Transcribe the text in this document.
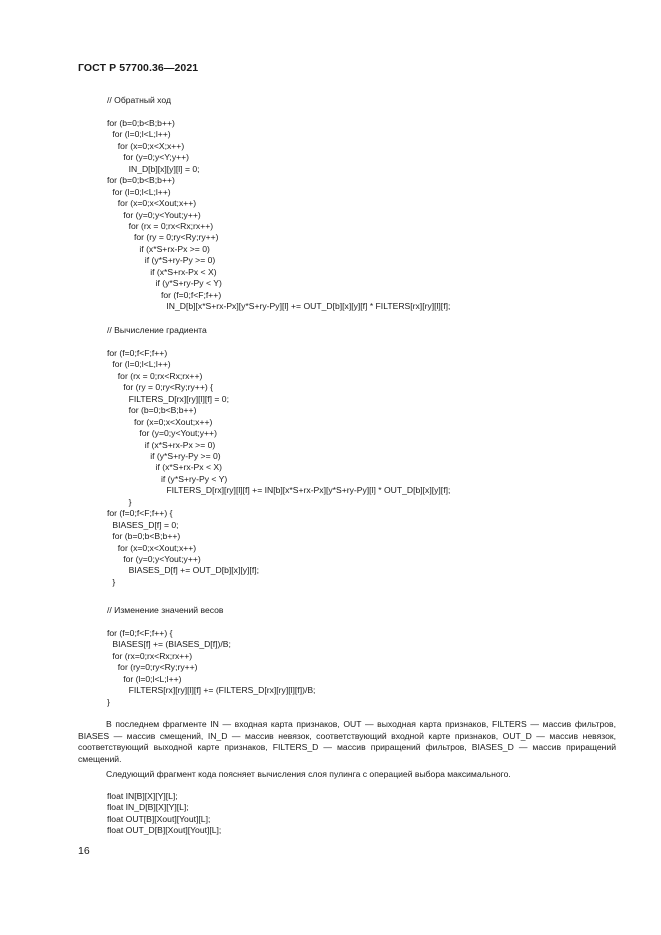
ГОСТ Р 57700.36—2021
// Обратный ход
for (b=0;b<B;b++)
for (l=0;l<L;l++)
for (x=0;x<X;x++)
for (y=0;y<Y;y++)
IN_D[b][x][y][l] = 0;
for (b=0;b<B;b++)
for (l=0;l<L;l++)
for (x=0;x<Xout;x++)
for (y=0;y<Yout;y++)
for (rx = 0;rx<Rx;rx++)
for (ry = 0;ry<Ry;ry++)
if (x*S+rx-Px >= 0)
if (y*S+ry-Py >= 0)
if (x*S+rx-Px < X)
if (y*S+ry-Py < Y)
for (f=0;f<F;f++)
IN_D[b][x*S+rx-Px][y*S+ry-Py][l] += OUT_D[b][x][y][f] * FILTERS[rx][ry][l][f];
// Вычисление градиента
for (f=0;f<F;f++)
for (l=0;l<L;l++)
for (rx = 0;rx<Rx;rx++)
for (ry = 0;ry<Ry;ry++) {
FILTERS_D[rx][ry][l][f] = 0;
for (b=0;b<B;b++)
for (x=0;x<Xout;x++)
for (y=0;y<Yout;y++)
if (x*S+rx-Px >= 0)
if (y*S+ry-Py >= 0)
if (x*S+rx-Px < X)
if (y*S+ry-Py < Y)
FILTERS_D[rx][ry][l][f] += IN[b][x*S+rx-Px][y*S+ry-Py][l] * OUT_D[b][x][y][f];
}
for (f=0;f<F;f++) {
BIASES_D[f] = 0;
for (b=0;b<B;b++)
for (x=0;x<Xout;x++)
for (y=0;y<Yout;y++)
BIASES_D[f] += OUT_D[b][x][y][f];
}
// Изменение значений весов
for (f=0;f<F;f++) {
BIASES[f] += (BIASES_D[f])/B;
for (rx=0;rx<Rx;rx++)
for (ry=0;ry<Ry;ry++)
for (l=0;l<L;l++)
FILTERS[rx][ry][l][f] += (FILTERS_D[rx][ry][l][f])/B;
}
float IN[B][X][Y][L];
float IN_D[B][X][Y][L];
float OUT[B][Xout][Yout][L];
float OUT_D[B][Xout][Yout][L];
В последнем фрагменте IN — входная карта признаков, OUT — выходная карта признаков, FILTERS — массив фильтров, BIASES — массив смещений, IN_D — массив невязок, соответствующий входной карте признаков, OUT_D — массив невязок, соответствующий выходной карте признаков, FILTERS_D — массив приращений фильтров, BIASES_D — массив приращений смещений.
Следующий фрагмент кода поясняет вычисления слоя пулинга с операцией выбора максимального.
16
